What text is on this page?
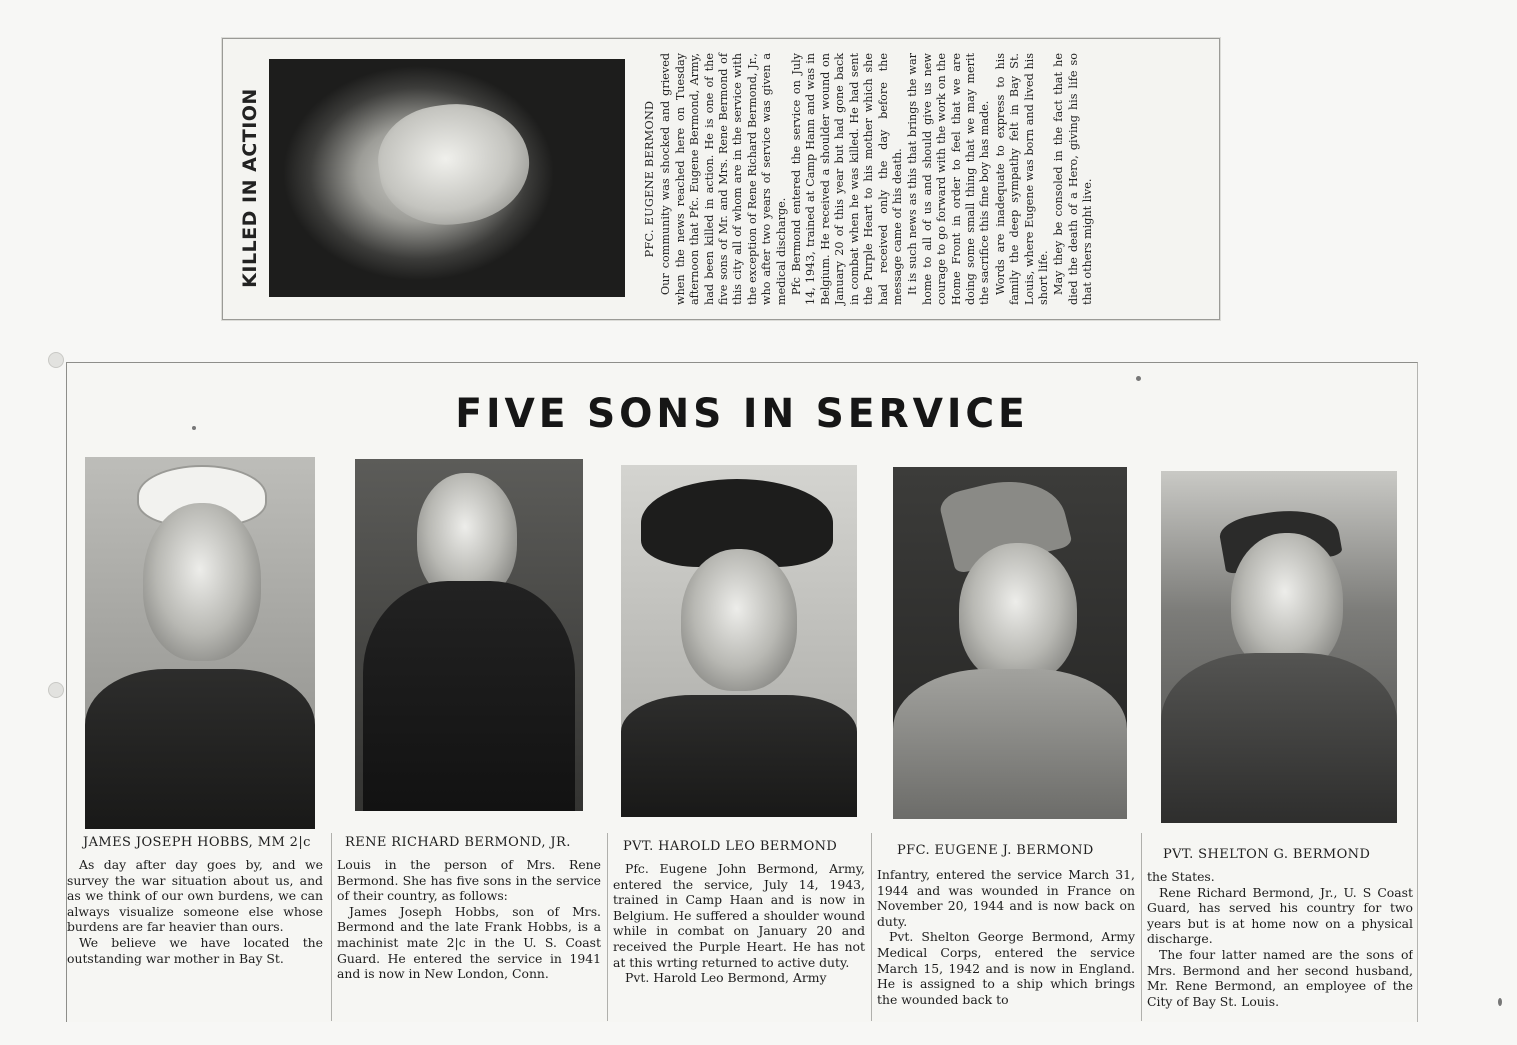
KILLED IN ACTION	PFC. EUGENE BERMOND Our community was shocked and grieved when the news reached here on Tuesday afternoon that Pfc. Eugene Bermond, Army, had been killed in action. He is one of the five sons of Mr. and Mrs. Rene Bermond of this city all of whom are in the service with the exception of Rene Richard Bermond, Jr., who after two years of service was given a medical discharge. Pfc Bermond entered the service on July 14, 1943, trained at Camp Hann and was in Belgium. He received a shoulder wound on January 20 of this year but had gone back in combat when he was killed. He had sent the Purple Heart to his mother which she had received only the day before the message came of his death. It is such news as this that brings the war home to all of us and should give us new courage to go forward with the work on the Home Front in order to feel that we are doing some small thing that we may merit the sacrifice this fine boy has made. Words are inadequate to express to his family the deep sympathy felt in Bay St. Louis, where Eugene was born and lived his short life. May they be consoled in the fact that he died the death of a Hero, giving his life so that others might live.

FIVE SONS IN SERVICE
JAMES JOSEPH HOBBS, MM 2|c	RENE RICHARD BERMOND, JR.	PVT. HAROLD LEO BERMOND	PFC. EUGENE J. BERMOND	PVT. SHELTON G. BERMOND

As day after day goes by, and we survey the war situation about us, and as we think of our own burdens, we can always visualize someone else whose burdens are far heavier than ours.

We believe we have located the outstanding war mother in Bay St.

Louis in the person of Mrs. Rene Bermond. She has five sons in the service of their country, as follows:

James Joseph Hobbs, son of Mrs. Bermond and the late Frank Hobbs, is a machinist mate 2|c in the U. S. Coast Guard. He entered the service in 1941 and is now in New London, Conn.

Pfc. Eugene John Bermond, Army, entered the service, July 14, 1943, trained in Camp Haan and is now in Belgium. He suffered a shoulder wound while in combat on January 20 and received the Purple Heart. He has not at this wrting returned to active duty.

Pvt. Harold Leo Bermond, Army

Infantry, entered the service March 31, 1944 and was wounded in France on November 20, 1944 and is now back on duty.

Pvt. Shelton George Bermond, Army Medical Corps, entered the service March 15, 1942 and is now in England. He is assigned to a ship which brings the wounded back to

the States.

Rene Richard Bermond, Jr., U. S Coast Guard, has served his country for two years but is at home now on a physical discharge.

The four latter named are the sons of Mrs. Bermond and her second husband, Mr. Rene Bermond, an employee of the City of Bay St. Louis.
